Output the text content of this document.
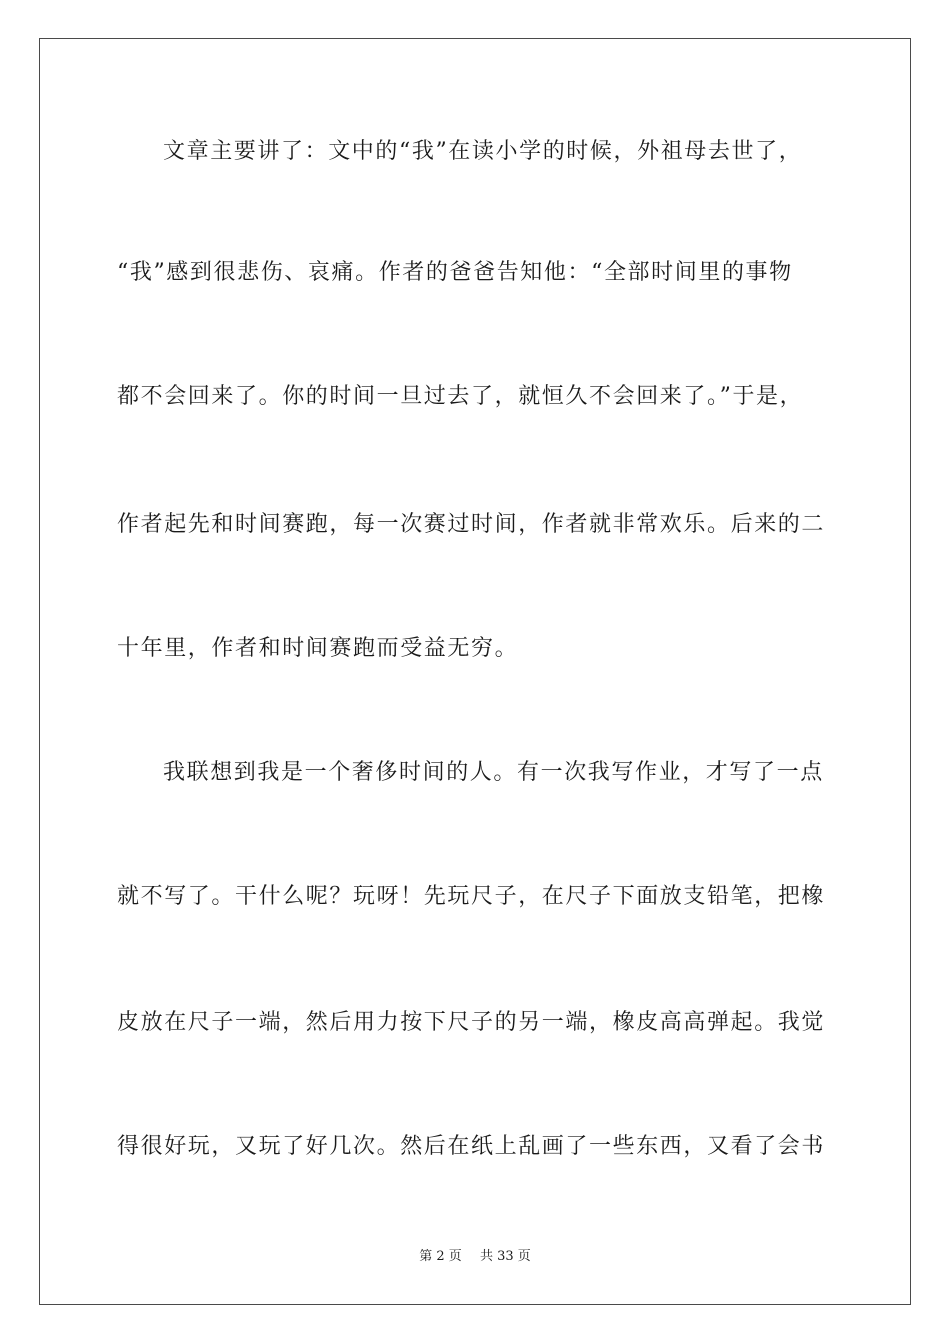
文章主要讲了：文中的“我”在读小学的时候，外祖母去世了，
“我”感到很悲伤、哀痛。作者的爸爸告知他：“全部时间里的事物
都不会回来了。你的时间一旦过去了，就恒久不会回来了。”于是，
作者起先和时间赛跑，每一次赛过时间，作者就非常欢乐。后来的二
十年里，作者和时间赛跑而受益无穷。
我联想到我是一个奢侈时间的人。有一次我写作业，才写了一点
就不写了。干什么呢？玩呀！先玩尺子，在尺子下面放支铅笔，把橡
皮放在尺子一端，然后用力按下尺子的另一端，橡皮高高弹起。我觉
得很好玩，又玩了好几次。然后在纸上乱画了一些东西，又看了会书
第 2 页 共 33 页
